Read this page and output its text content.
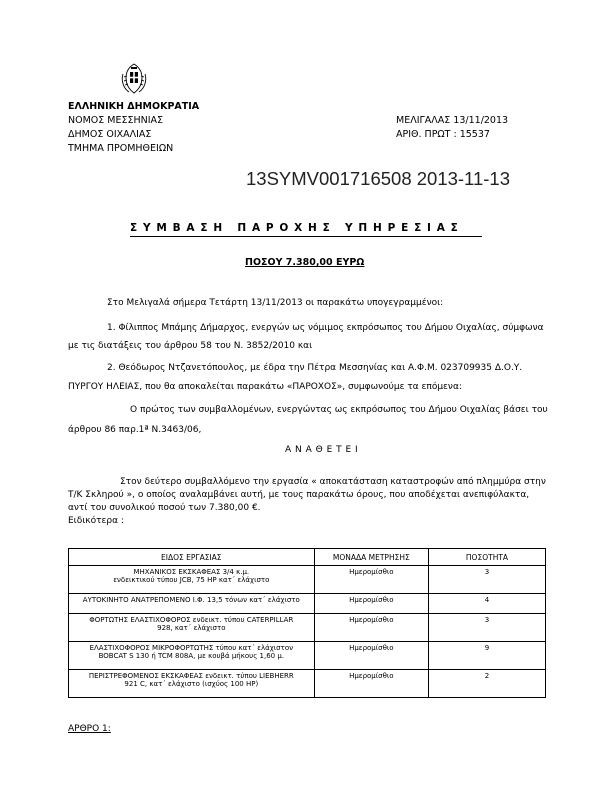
ΕΛΛΗΝΙΚΗ ΔΗΜΟΚΡΑΤΙΑ
ΝΟΜΟΣ ΜΕΣΣΗΝΙΑΣ
ΔΗΜΟΣ ΟΙΧΑΛΙΑΣ
ΤΜΗΜΑ ΠΡΟΜΗΘΕΙΩΝ
ΜΕΛΙΓΑΛΑΣ 13/11/2013
ΑΡΙΘ. ΠΡΩΤ : 15537
13SYMV001716508 2013-11-13
ΣΥΜΒΑΣΗ ΠΑΡΟΧΗΣ ΥΠΗΡΕΣΙΑΣ
ΠΟΣΟΥ 7.380,00 ΕΥΡΩ
Στο Μελιγαλά σήμερα Τετάρτη 13/11/2013 οι παρακάτω υπογεγραμμένοι:
1. Φίλιππος Μπάμης Δήμαρχος, ενεργών ως νόμιμος εκπρόσωπος του Δήμου Οιχαλίας, σύμφωνα
με τις διατάξεις του άρθρου 58 του Ν. 3852/2010 και
2. Θεόδωρος Ντζανετόπουλος, με έδρα την Πέτρα Μεσσηνίας και Α.Φ.Μ. 023709935 Δ.Ο.Υ.
ΠΥΡΓΟΥ ΗΛΕΙΑΣ, που θα αποκαλείται παρακάτω «ΠΑΡΟΧΟΣ», συμφωνούμε τα επόμενα:
Ο πρώτος των συμβαλλομένων, ενεργώντας ως εκπρόσωπος του Δήμου Οιχαλίας βάσει του
άρθρου 86 παρ.1ª Ν.3463/06,
Α Ν Α Θ Ε Τ Ε Ι
Στον δεύτερο συμβαλλόμενο την εργασία « αποκατάσταση καταστροφών από πλημμύρα στην
Τ/Κ Σκληρού », ο οποίος αναλαμβάνει αυτή, με τους παρακάτω όρους, που αποδέχεται ανεπιφύλακτα,
αντί του συνολικού ποσού των 7.380,00 €.
Ειδικότερα :
ΕΙΔΟΣ ΕΡΓΑΣΙΑΣ	ΜΟΝΑΔΑ ΜΕΤΡΗΣΗΣ	ΠΟΣΟΤΗΤΑ

ΜΗΧΑΝΙΚΟΣ ΕΚΣΚΑΦΕΑΣ 3/4 κ.μ.
ενδεικτικού τύπου JCB, 75 HP κατ΄ ελάχιστο	Ημερομίσθιο	3

ΑΥΤΟΚΙΝΗΤΟ ΑΝΑΤΡΕΠΟΜΕΝΟ Ι.Φ. 13,5 τόνων κατ΄ ελάχιστο	Ημερομίσθιο	4

ΦΟΡΤΩΤΗΣ ΕΛΑΣΤΙΧΟΦΟΡΟΣ ενδεικτ. τύπου CATERPILLAR
928, κατ΄ ελάχιστο	Ημερομίσθιο	3

ΕΛΑΣΤΙΧΟΦΟΡΟΣ ΜΙΚΡΟΦΟΡΤΩΤΗΣ τύπου κατ΄ ελάχιστον
BOBCAT S 130 ή TCM 808A, με κουβά μήκους 1,60 μ.	Ημερομίσθιο	9

ΠΕΡΙΣΤΡΕΦΟΜΕΝΟΣ ΕΚΣΚΑΦΕΑΣ ενδεικτ. τύπου LIEBHERR
921 C, κατ΄ ελάχιστο (ισχύος 100 HP)	Ημερομίσθιο	2
ΑΡΘΡΟ 1:
